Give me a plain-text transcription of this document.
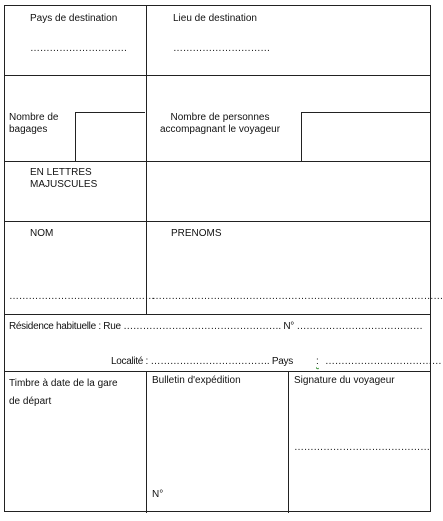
Pays de destination
…………………………
Lieu de destination
…………………………
Nombre de
bagages
Nombre de personnes
accompagnant le voyageur
EN LETTRES
MAJUSCULES
NOM
………………………………………
PRENOMS
………………………………………………………………………………
Résidence habituelle : Rue …………………………………………. N° …………………………………
Localité : ………………………………. Pays : ………………………………
Timbre à date de la gare
de départ
Bulletin d'expédition
N°
Signature du voyageur
……………………………………
